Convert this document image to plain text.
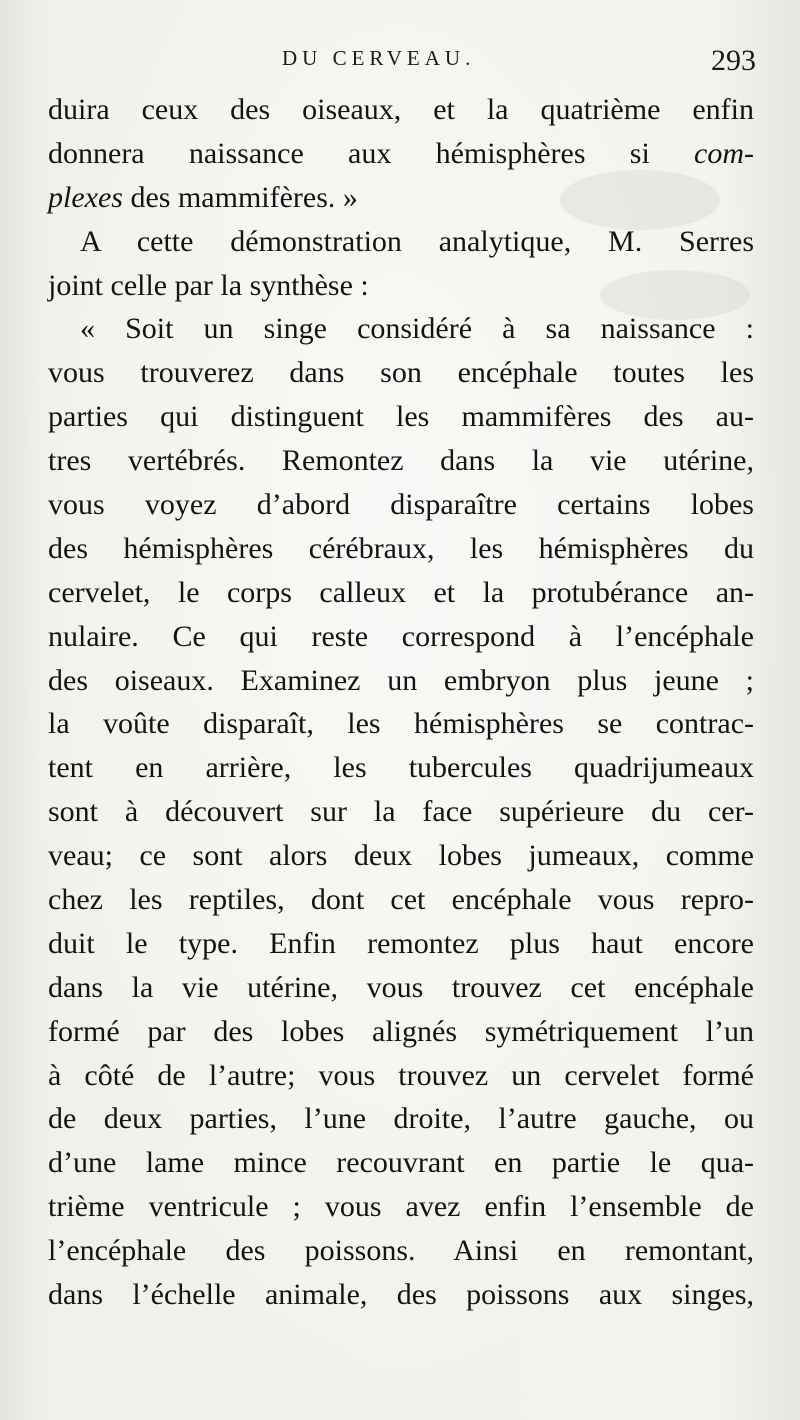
DU CERVEAU.	293
duira ceux des oiseaux, et la quatrième enfin
donnera naissance aux hémisphères si com-
plexes des mammifères. »
A cette démonstration analytique, M. Serres
joint celle par la synthèse :
« Soit un singe considéré à sa naissance :
vous trouverez dans son encéphale toutes les
parties qui distinguent les mammifères des au-
tres vertébrés. Remontez dans la vie utérine,
vous voyez d’abord disparaître certains lobes
des hémisphères cérébraux, les hémisphères du
cervelet, le corps calleux et la protubérance an-
nulaire. Ce qui reste correspond à l’encéphale
des oiseaux. Examinez un embryon plus jeune ;
la voûte disparaît, les hémisphères se contrac-
tent en arrière, les tubercules quadrijumeaux
sont à découvert sur la face supérieure du cer-
veau; ce sont alors deux lobes jumeaux, comme
chez les reptiles, dont cet encéphale vous repro-
duit le type. Enfin remontez plus haut encore
dans la vie utérine, vous trouvez cet encéphale
formé par des lobes alignés symétriquement l’un
à côté de l’autre; vous trouvez un cervelet formé
de deux parties, l’une droite, l’autre gauche, ou
d’une lame mince recouvrant en partie le qua-
trième ventricule ; vous avez enfin l’ensemble de
l’encéphale des poissons. Ainsi en remontant,
dans l’échelle animale, des poissons aux singes,
